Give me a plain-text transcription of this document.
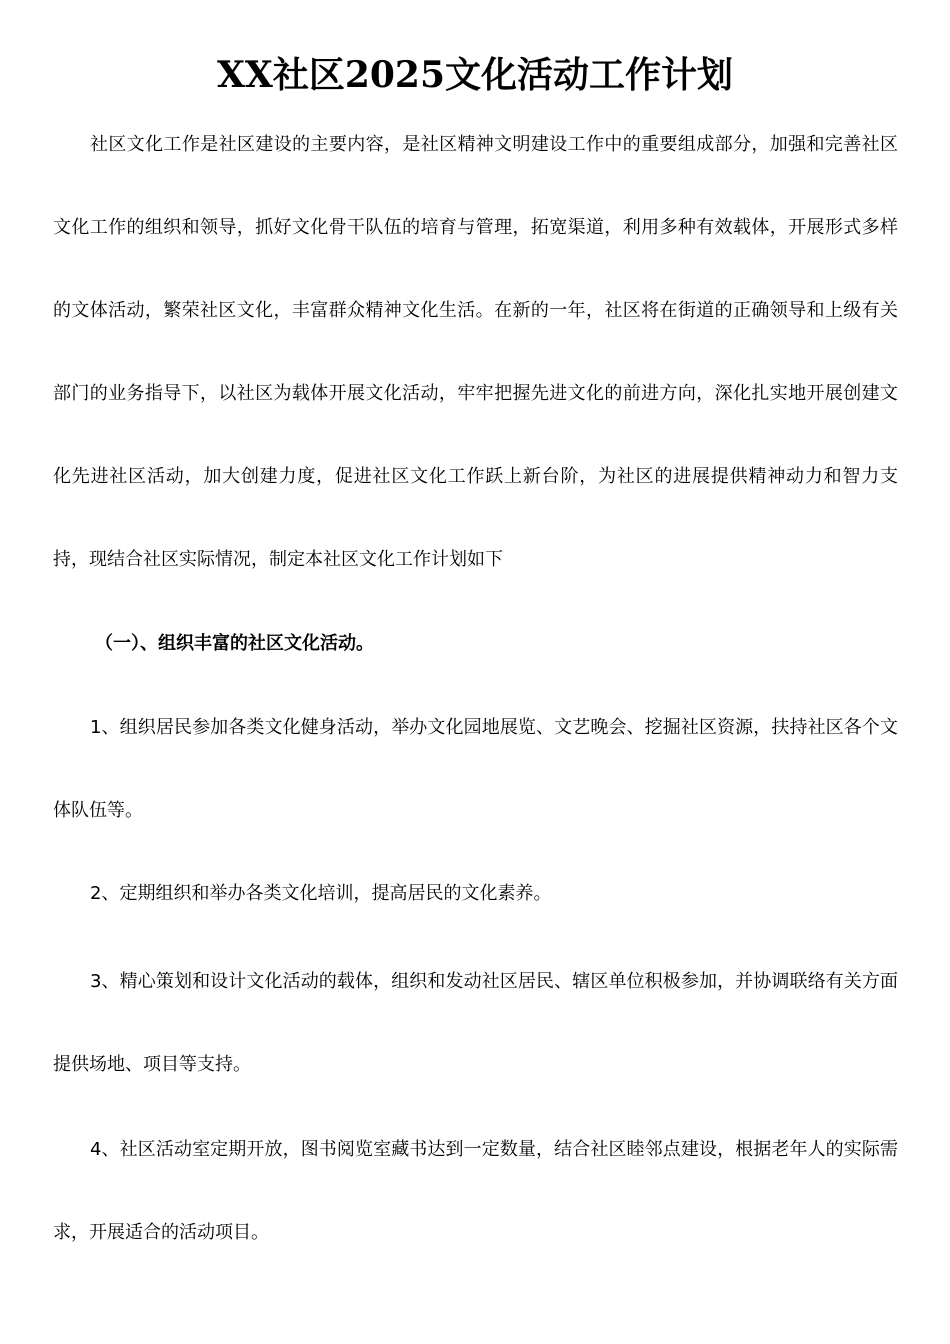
XX社区2025文化活动工作计划

社区文化工作是社区建设的主要内容，是社区精神文明建设工作中的重要组成部分，加强和完善社区文化工作的组织和领导，抓好文化骨干队伍的培育与管理，拓宽渠道，利用多种有效载体，开展形式多样的文体活动，繁荣社区文化，丰富群众精神文化生活。在新的一年，社区将在街道的正确领导和上级有关部门的业务指导下，以社区为载体开展文化活动，牢牢把握先进文化的前进方向，深化扎实地开展创建文化先进社区活动，加大创建力度，促进社区文化工作跃上新台阶，为社区的进展提供精神动力和智力支持，现结合社区实际情况，制定本社区文化工作计划如下

（一）、组织丰富的社区文化活动。

1、组织居民参加各类文化健身活动，举办文化园地展览、文艺晚会、挖掘社区资源，扶持社区各个文体队伍等。

2、定期组织和举办各类文化培训，提高居民的文化素养。

3、精心策划和设计文化活动的载体，组织和发动社区居民、辖区单位积极参加，并协调联络有关方面提供场地、项目等支持。

4、社区活动室定期开放，图书阅览室藏书达到一定数量，结合社区睦邻点建设，根据老年人的实际需求，开展适合的活动项目。
